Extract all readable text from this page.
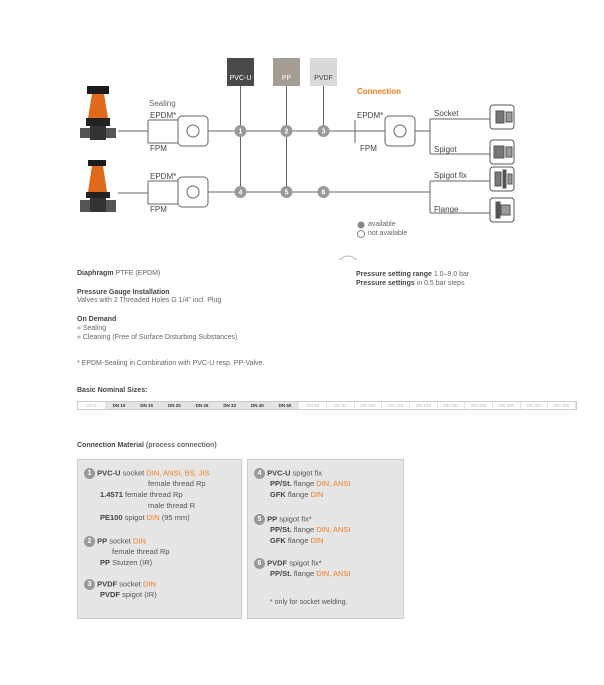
PVC-U	PP	PVDF
1	2	3
4	5	6
Sealing
EPDM*
FPM
EPDM*
FPM
Connection
EPDM*
FPM
Socket
Spigot
Spigot fix
Flange
available
not available
Diaphragm PTFE (EPDM)
Pressure Gauge Installation
Valves with 2 Threaded Holes G 1/4" incl. Plug
On Demand
» Sealing
» Cleaning (Free of Surface Disturbing Substances)
* EPDM-Sealing in Combination with PVC-U resp. PP-Valve.
Pressure setting range 1.0–9.0 bar
Pressure settings in 0.5 bar steps
Basic Nominal Sizes:
DN 8	DN 10	DN 15	DN 20	DN 25	DN 32	DN 40	DN 50	DN 65	DN 80	DN 100	DN 125	DN 150	DN 200	DN 250	DN 300	DN 350	DN 400
Connection Material (process connection)
1 PVC-U socket DIN, ANSI, BS, JIS
female thread Rp
1.4571 female thread Rp
male thread R
PE100 spigot DIN (95 mm)
2 PP socket DIN
female thread Rp
PP Stutzen (IR)
3 PVDF socket DIN
PVDF spigot (IR)
4 PVC-U spigot fix
PP/St. flange DIN, ANSI
GFK flange DIN
5 PP spigot fix*
PP/St. flange DIN, ANSI
GFK flange DIN
6 PVDF spigot fix*
PP/St. flange DIN, ANSI
* only for socket welding.
